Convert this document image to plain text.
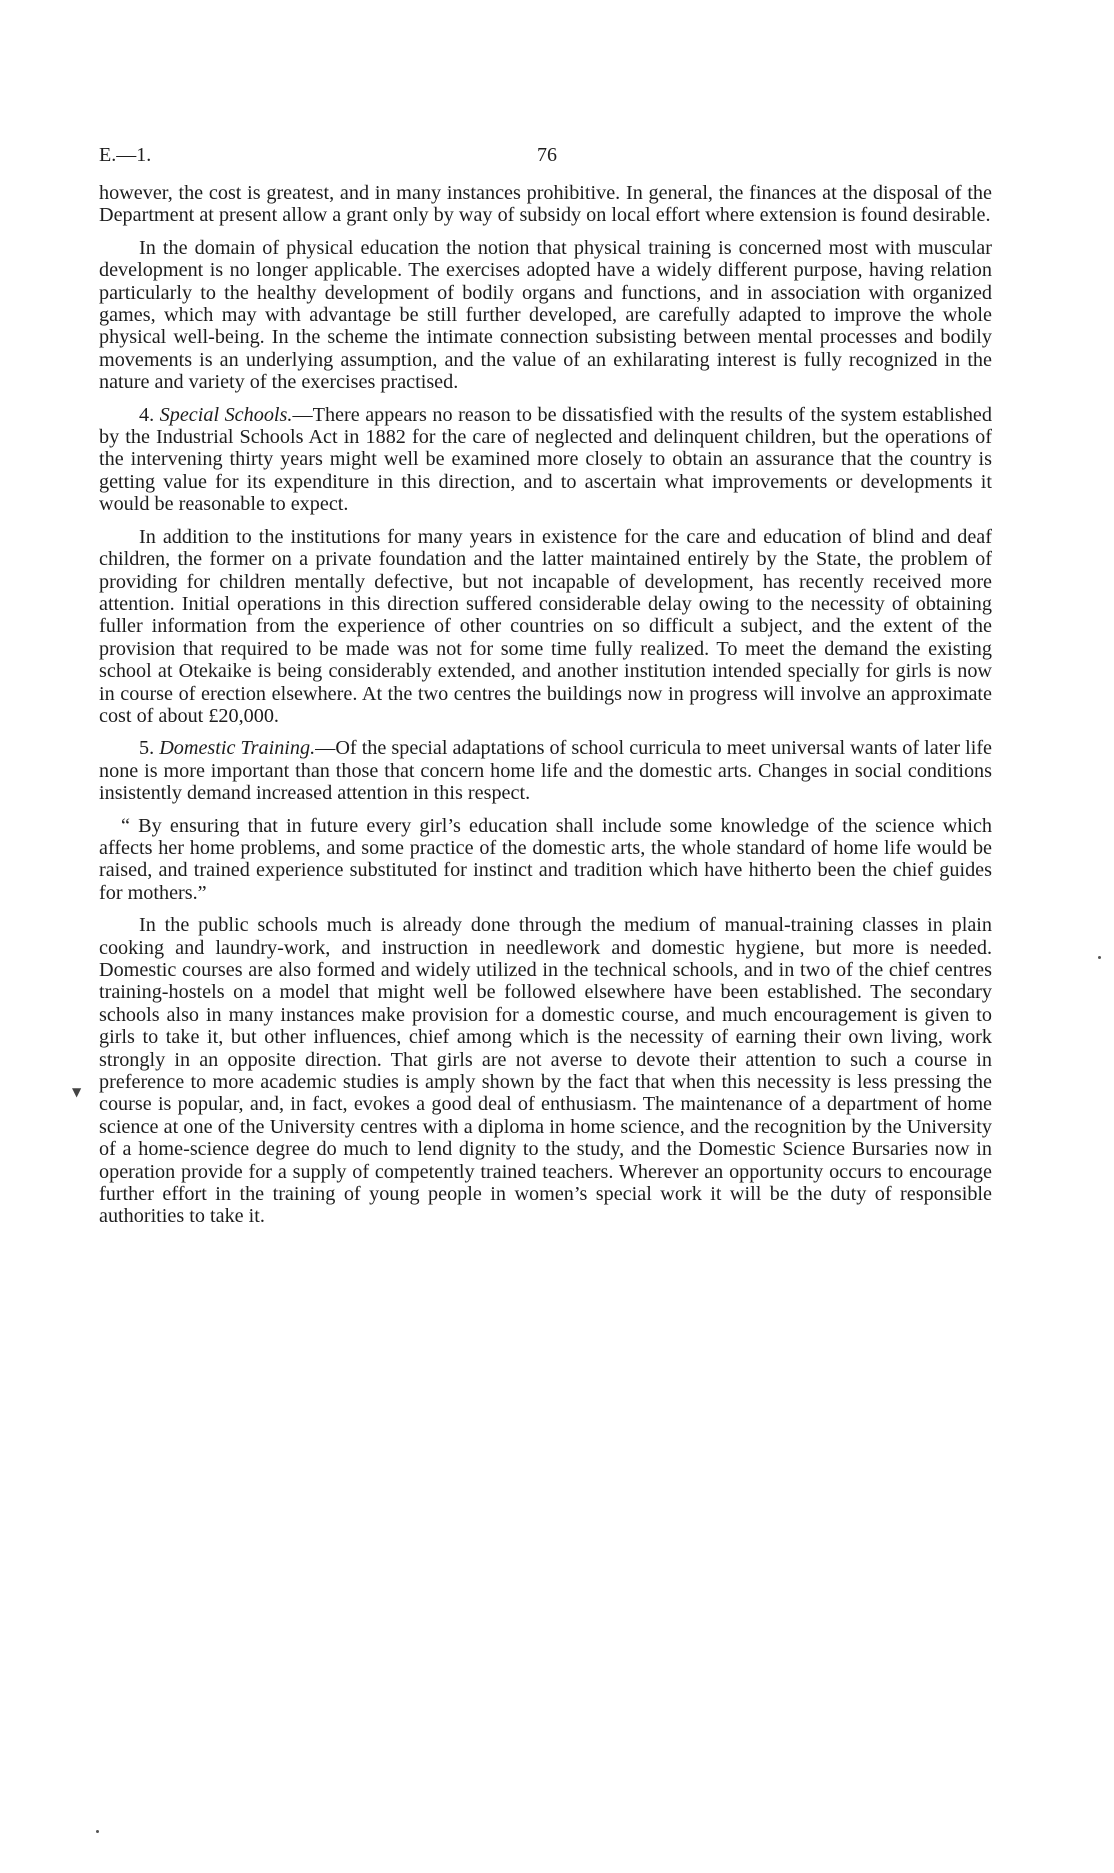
E.—1.	76

however, the cost is greatest, and in many instances prohibitive. In general, the finances at the disposal of the Department at present allow a grant only by way of subsidy on local effort where extension is found desirable.

In the domain of physical education the notion that physical training is concerned most with muscular development is no longer applicable. The exercises adopted have a widely different purpose, having relation particularly to the healthy development of bodily organs and functions, and in association with organized games, which may with advantage be still further developed, are carefully adapted to improve the whole physical well-being. In the scheme the intimate connection subsisting between mental processes and bodily movements is an underlying assumption, and the value of an exhilarating interest is fully recognized in the nature and variety of the exercises practised.

4. Special Schools.—There appears no reason to be dissatisfied with the results of the system established by the Industrial Schools Act in 1882 for the care of neglected and delinquent children, but the operations of the intervening thirty years might well be examined more closely to obtain an assurance that the country is getting value for its expenditure in this direction, and to ascertain what improvements or developments it would be reasonable to expect.

In addition to the institutions for many years in existence for the care and education of blind and deaf children, the former on a private foundation and the latter maintained entirely by the State, the problem of providing for children mentally defective, but not incapable of development, has recently received more attention. Initial operations in this direction suffered considerable delay owing to the necessity of obtaining fuller information from the experience of other countries on so difficult a subject, and the extent of the provision that required to be made was not for some time fully realized. To meet the demand the existing school at Otekaike is being considerably extended, and another institution intended specially for girls is now in course of erection elsewhere. At the two centres the buildings now in progress will involve an approximate cost of about £20,000.

5. Domestic Training.—Of the special adaptations of school curricula to meet universal wants of later life none is more important than those that concern home life and the domestic arts. Changes in social conditions insistently demand increased attention in this respect.

“ By ensuring that in future every girl’s education shall include some knowledge of the science which affects her home problems, and some practice of the domestic arts, the whole standard of home life would be raised, and trained experience substituted for instinct and tradition which have hitherto been the chief guides for mothers.”

In the public schools much is already done through the medium of manual-training classes in plain cooking and laundry-work, and instruction in needlework and domestic hygiene, but more is needed. Domestic courses are also formed and widely utilized in the technical schools, and in two of the chief centres training-hostels on a model that might well be followed elsewhere have been established. The secondary schools also in many instances make provision for a domestic course, and much encouragement is given to girls to take it, but other influences, chief among which is the necessity of earning their own living, work strongly in an opposite direction. That girls are not averse to devote their attention to such a course in preference to more academic studies is amply shown by the fact that when this necessity is less pressing the course is popular, and, in fact, evokes a good deal of enthusiasm. The maintenance of a department of home science at one of the University centres with a diploma in home science, and the recognition by the University of a home-science degree do much to lend dignity to the study, and the Domestic Science Bursaries now in operation provide for a supply of competently trained teachers. Wherever an opportunity occurs to encourage further effort in the training of young people in women’s special work it will be the duty of responsible authorities to take it.

▼
